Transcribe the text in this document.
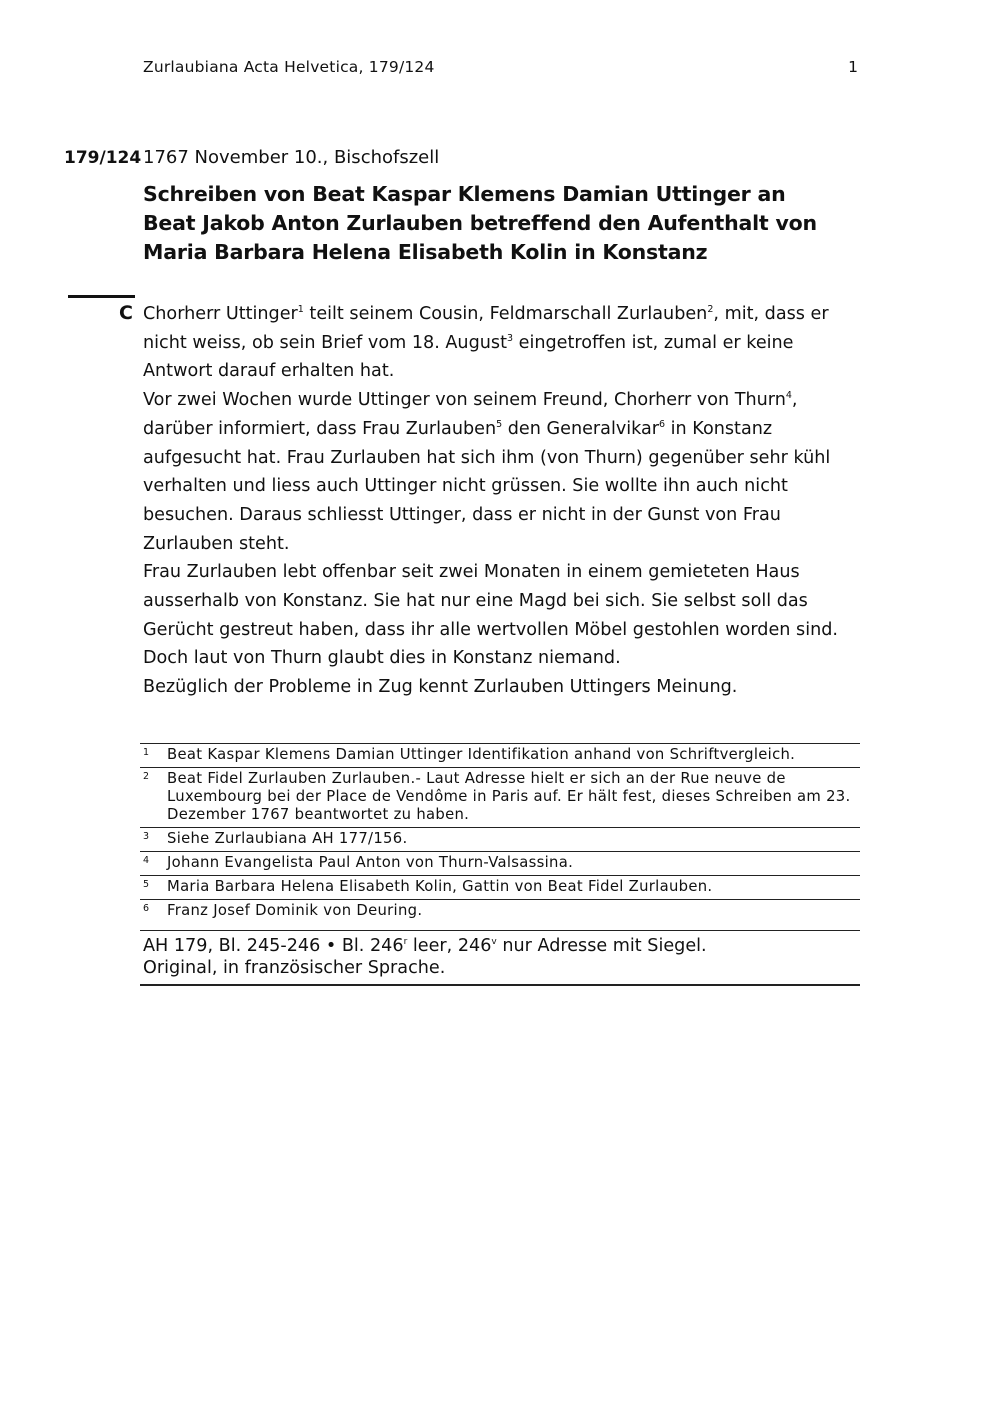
Zurlaubiana Acta Helvetica, 179/124	1
179/124 1767 November 10., Bischofszell
Schreiben von Beat Kaspar Klemens Damian Uttinger an Beat Jakob Anton Zurlauben betreffend den Aufenthalt von Maria Barbara Helena Elisabeth Kolin in Konstanz
C Chorherr Uttinger$^1$ teilt seinem Cousin, Feldmarschall Zurlauben$^2$, mit, dass er nicht weiss, ob sein Brief vom 18. August$^3$ eingetroffen ist, zumal er keine Antwort darauf erhalten hat.

Vor zwei Wochen wurde Uttinger von seinem Freund, Chorherr von Thurn$^4$, darüber informiert, dass Frau Zurlauben$^5$ den Generalvikar$^6$ in Konstanz aufgesucht hat. Frau Zurlauben hat sich ihm (von Thurn) gegenüber sehr kühl verhalten und liess auch Uttinger nicht grüssen. Sie wollte ihn auch nicht besuchen. Daraus schliesst Uttinger, dass er nicht in der Gunst von Frau Zurlauben steht.

Frau Zurlauben lebt offenbar seit zwei Monaten in einem gemieteten Haus ausserhalb von Konstanz. Sie hat nur eine Magd bei sich. Sie selbst soll das Gerücht gestreut haben, dass ihr alle wertvollen Möbel gestohlen worden sind. Doch laut von Thurn glaubt dies in Konstanz niemand.

Bezüglich der Probleme in Zug kennt Zurlauben Uttingers Meinung.

1	Beat Kaspar Klemens Damian Uttinger Identifikation anhand von Schriftvergleich.
2	Beat Fidel Zurlauben Zurlauben.- Laut Adresse hielt er sich an der Rue neuve de Luxembourg bei der Place de Vendôme in Paris auf. Er hält fest, dieses Schreiben am 23. Dezember 1767 beantwortet zu haben.
3	Siehe Zurlaubiana AH 177/156.
4	Johann Evangelista Paul Anton von Thurn-Valsassina.
5	Maria Barbara Helena Elisabeth Kolin, Gattin von Beat Fidel Zurlauben.
6	Franz Josef Dominik von Deuring.
AH 179, Bl. 245-246 • Bl. 246$^r$ leer, 246$^v$ nur Adresse mit Siegel.
Original, in französischer Sprache.
